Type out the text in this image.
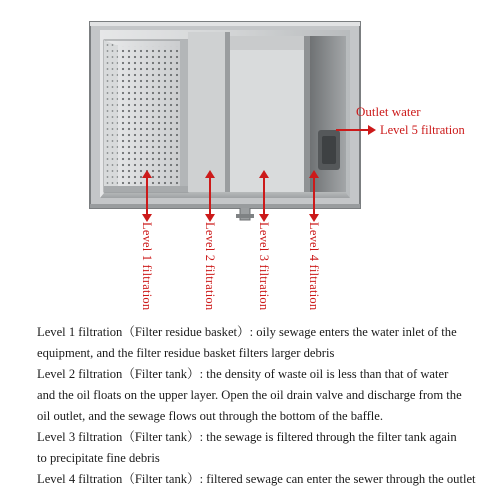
Outlet water
Level 5 filtration
Level 1 filtration	Level 2 filtration	Level 3 filtration	Level 4 filtration

Level 1 filtration（Filter residue basket）: oily sewage enters the water inlet of the
equipment, and the filter residue basket filters larger debris

Level 2 filtration（Filter tank）: the density of waste oil is less than that of water
and the oil floats on the upper layer. Open the oil drain valve and discharge from the
oil outlet, and the sewage flows out through the bottom of the baffle.

Level 3 filtration（Filter tank）: the sewage is filtered through the filter tank again
to precipitate fine debris

Level 4 filtration（Filter tank）: filtered sewage can enter the sewer through the outlet
